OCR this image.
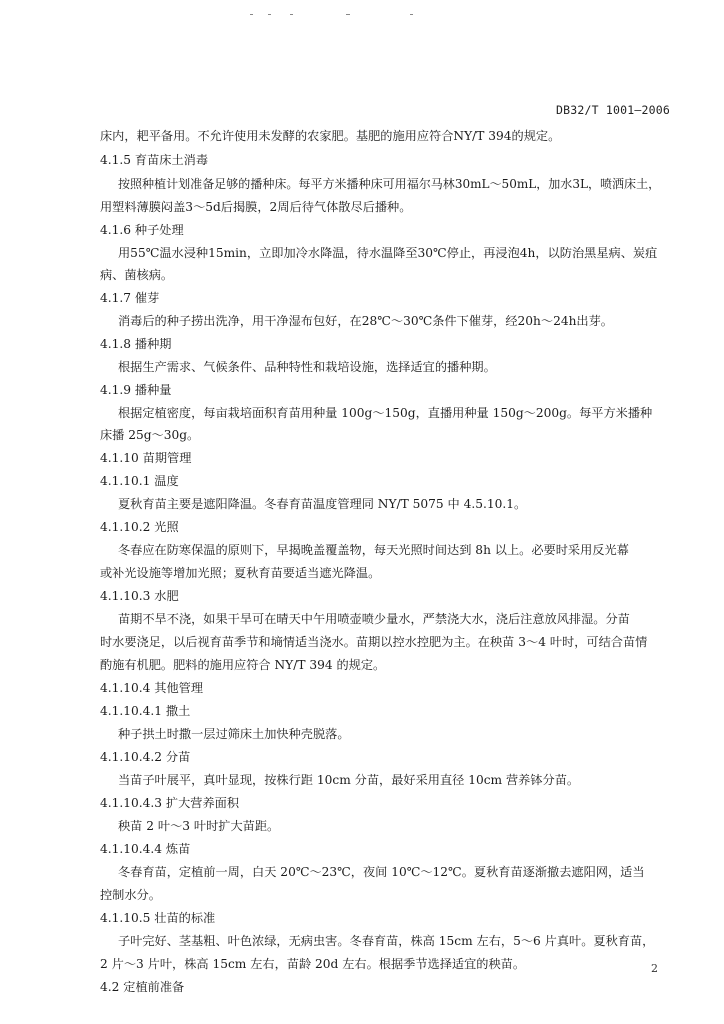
DB32/T 1001—2006
床内，耙平备用。不允许使用未发酵的农家肥。基肥的施用应符合NY/T 394的规定。
4.1.5 育苗床土消毒
按照种植计划准备足够的播种床。每平方米播种床可用福尔马林30mL～50mL，加水3L，喷洒床土，
用塑料薄膜闷盖3～5d后揭膜，2周后待气体散尽后播种。
4.1.6 种子处理
用55℃温水浸种15min，立即加冷水降温，待水温降至30℃停止，再浸泡4h，以防治黑星病、炭疽
病、菌核病。
4.1.7 催芽
消毒后的种子捞出洗净，用干净湿布包好，在28℃～30℃条件下催芽，经20h～24h出芽。
4.1.8 播种期
根据生产需求、气候条件、品种特性和栽培设施，选择适宜的播种期。
4.1.9 播种量
根据定植密度，每亩栽培面积育苗用种量 100g～150g，直播用种量 150g～200g。每平方米播种
床播 25g～30g。
4.1.10 苗期管理
4.1.10.1 温度
夏秋育苗主要是遮阳降温。冬春育苗温度管理同 NY/T 5075 中 4.5.10.1。
4.1.10.2 光照
冬春应在防寒保温的原则下，早揭晚盖覆盖物，每天光照时间达到 8h 以上。必要时采用反光幕
或补光设施等增加光照；夏秋育苗要适当遮光降温。
4.1.10.3 水肥
苗期不旱不浇，如果干旱可在晴天中午用喷壶喷少量水，严禁浇大水，浇后注意放风排湿。分苗
时水要浇足，以后视育苗季节和墒情适当浇水。苗期以控水控肥为主。在秧苗 3～4 叶时，可结合苗情
酌施有机肥。肥料的施用应符合 NY/T 394 的规定。
4.1.10.4 其他管理
4.1.10.4.1 撒土
种子拱土时撒一层过筛床土加快种壳脱落。
4.1.10.4.2 分苗
当苗子叶展平，真叶显现，按株行距 10cm 分苗，最好采用直径 10cm 营养钵分苗。
4.1.10.4.3 扩大营养面积
秧苗 2 叶～3 叶时扩大苗距。
4.1.10.4.4 炼苗
冬春育苗，定植前一周，白天 20℃～23℃，夜间 10℃～12℃。夏秋育苗逐渐撤去遮阳网，适当
控制水分。
4.1.10.5 壮苗的标准
子叶完好、茎基粗、叶色浓绿，无病虫害。冬春育苗，株高 15cm 左右，5～6 片真叶。夏秋育苗，
2 片～3 片叶，株高 15cm 左右，苗龄 20d 左右。根据季节选择适宜的秧苗。
4.2 定植前准备
2
